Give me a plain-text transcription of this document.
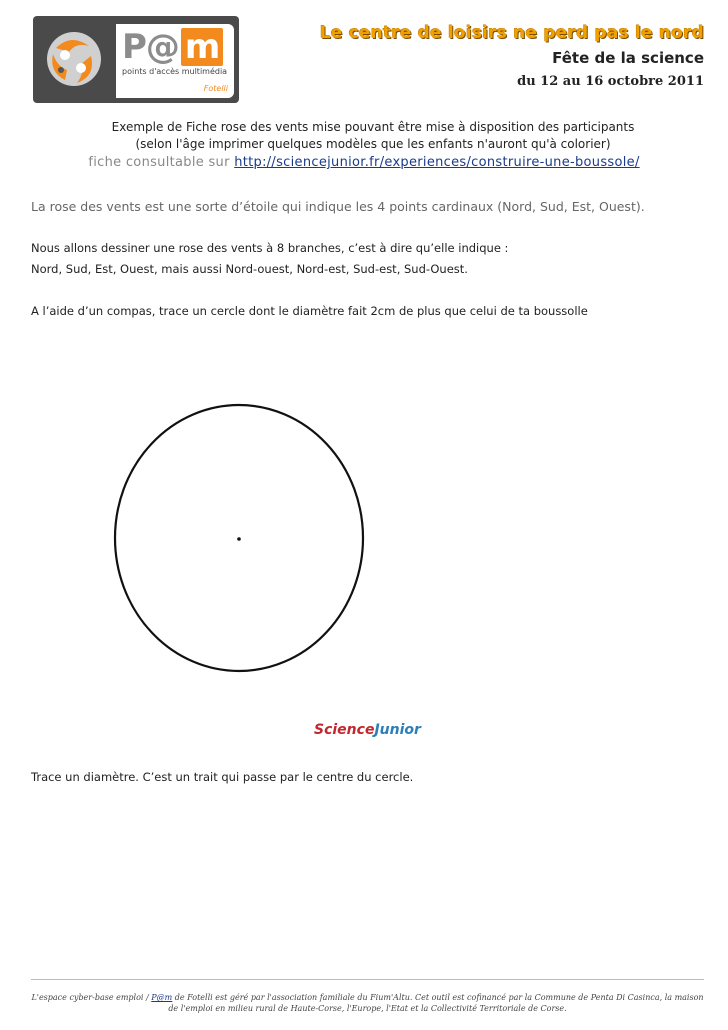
P@ m
points d'accès multimédia
Fotelli
Le centre de loisirs ne perd pas le nord
Fête de la science
du 12 au 16 octobre 2011
Exemple de Fiche rose des vents mise pouvant être mise à disposition des participants
(selon l'âge imprimer quelques modèles que les enfants n'auront qu'à colorier)
fiche consultable sur http://sciencejunior.fr/experiences/construire-une-boussole/
La rose des vents est une sorte d’étoile qui indique les 4 points cardinaux (Nord, Sud, Est, Ouest).
Nous allons dessiner une rose des vents à 8 branches, c’est à dire qu’elle indique :
Nord, Sud, Est, Ouest, mais aussi Nord-ouest, Nord-est, Sud-est, Sud-Ouest.
A l’aide d’un compas, trace un cercle dont le diamètre fait 2cm de plus que celui de ta boussolle
ScienceJunior
Trace un diamètre. C’est un trait qui passe par le centre du cercle.
L'espace cyber-base emploi / P@m de Fotelli est géré par l'association familiale du Fium'Altu. Cet outil est cofinancé par la Commune de Penta Di Casinca, la maison
de l'emploi en milieu rural de Haute-Corse, l'Europe, l'Etat et la Collectivité Territoriale de Corse.
